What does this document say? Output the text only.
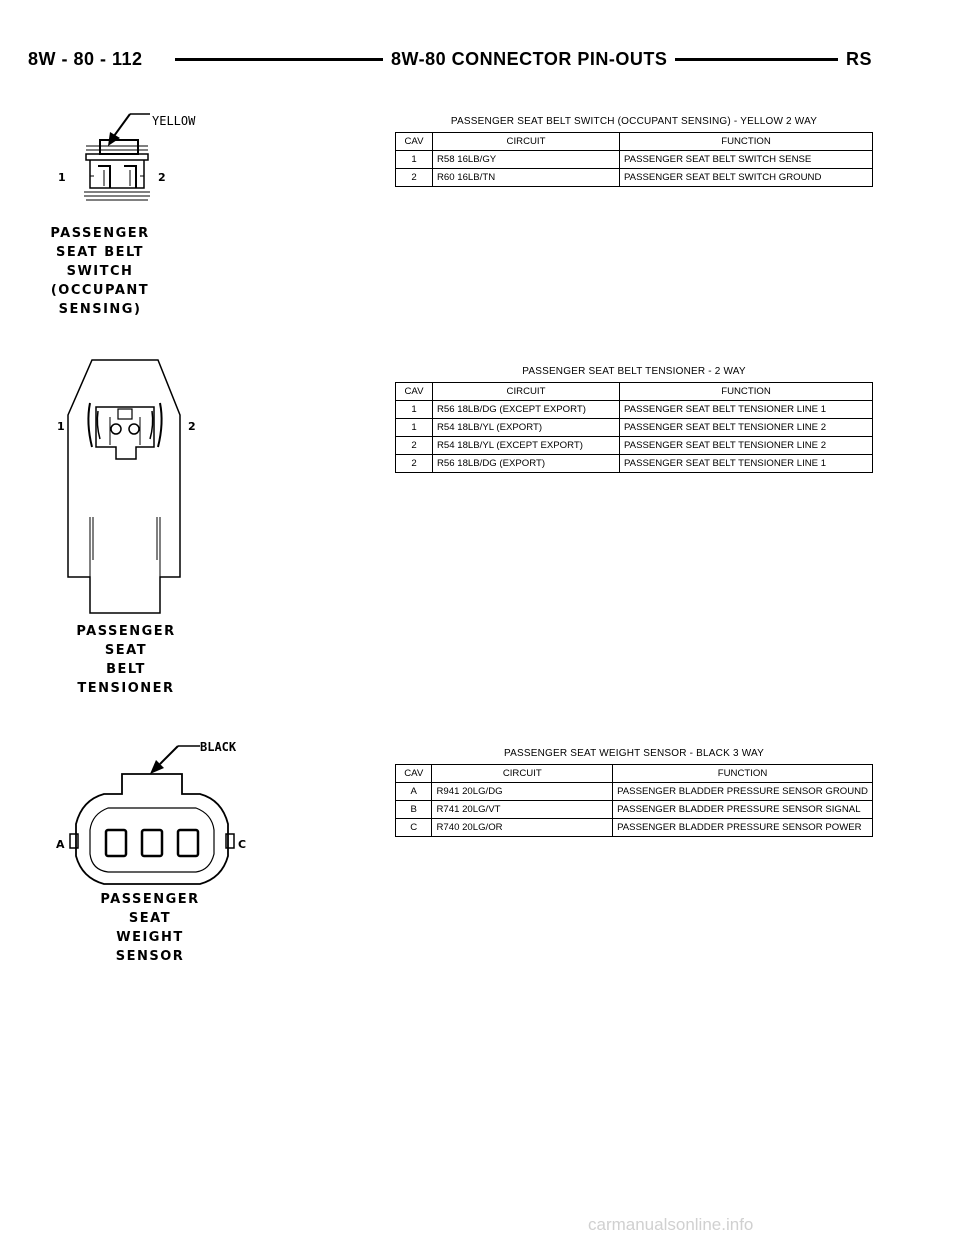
8W - 80 - 112	8W-80 CONNECTOR PIN-OUTS	RS
YELLOW
1	2
PASSENGER
SEAT BELT
SWITCH
(OCCUPANT
SENSING)
PASSENGER SEAT BELT SWITCH (OCCUPANT SENSING) - YELLOW 2 WAY
CAV	CIRCUIT	FUNCTION
1	R58 16LB/GY	PASSENGER SEAT BELT SWITCH SENSE
2	R60 16LB/TN	PASSENGER SEAT BELT SWITCH GROUND
1	2
PASSENGER
SEAT
BELT
TENSIONER
PASSENGER SEAT BELT TENSIONER - 2 WAY
CAV	CIRCUIT	FUNCTION
1	R56 18LB/DG (EXCEPT EXPORT)	PASSENGER SEAT BELT TENSIONER LINE 1
1	R54 18LB/YL (EXPORT)	PASSENGER SEAT BELT TENSIONER LINE 2
2	R54 18LB/YL (EXCEPT EXPORT)	PASSENGER SEAT BELT TENSIONER LINE 2
2	R56 18LB/DG (EXPORT)	PASSENGER SEAT BELT TENSIONER LINE 1
BLACK
A	C
PASSENGER
SEAT
WEIGHT
SENSOR
PASSENGER SEAT WEIGHT SENSOR - BLACK 3 WAY
CAV	CIRCUIT	FUNCTION
A	R941 20LG/DG	PASSENGER BLADDER PRESSURE SENSOR GROUND
B	R741 20LG/VT	PASSENGER BLADDER PRESSURE SENSOR SIGNAL
C	R740 20LG/OR	PASSENGER BLADDER PRESSURE SENSOR POWER
carmanualsonline.info
